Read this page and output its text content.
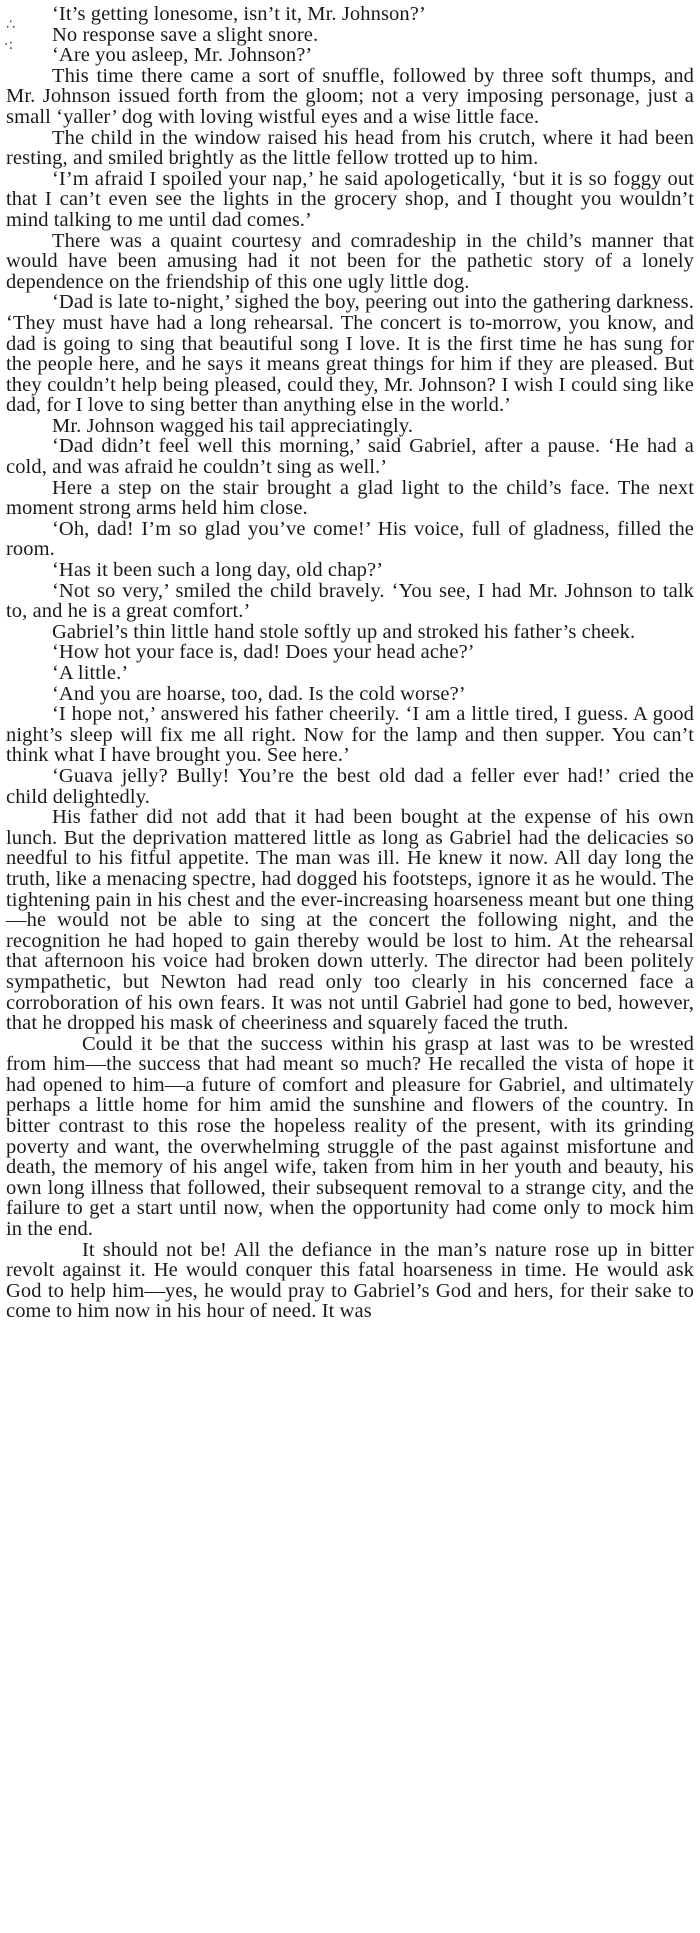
∴
·:

‘It’s getting lonesome, isn’t it, Mr. Johnson?’

No response save a slight snore.

‘Are you asleep, Mr. Johnson?’

This time there came a sort of snuffle, followed by three soft thumps, and Mr. Johnson issued forth from the gloom; not a very imposing personage, just a small ‘yaller’ dog with loving wistful eyes and a wise little face.

The child in the window raised his head from his crutch, where it had been resting, and smiled brightly as the little fellow trotted up to him.

‘I’m afraid I spoiled your nap,’ he said apologetically, ‘but it is so foggy out that I can’t even see the lights in the grocery shop, and I thought you wouldn’t mind talking to me until dad comes.’

There was a quaint courtesy and comradeship in the child’s manner that would have been amusing had it not been for the pathetic story of a lonely dependence on the friendship of this one ugly little dog.

‘Dad is late to-night,’ sighed the boy, peering out into the gathering darkness. ‘They must have had a long rehearsal. The concert is to-morrow, you know, and dad is going to sing that beautiful song I love. It is the first time he has sung for the people here, and he says it means great things for him if they are pleased. But they couldn’t help being pleased, could they, Mr. Johnson? I wish I could sing like dad, for I love to sing better than anything else in the world.’

Mr. Johnson wagged his tail appreciatingly.

‘Dad didn’t feel well this morning,’ said Gabriel, after a pause. ‘He had a cold, and was afraid he couldn’t sing as well.’

Here a step on the stair brought a glad light to the child’s face. The next moment strong arms held him close.

‘Oh, dad! I’m so glad you’ve come!’ His voice, full of gladness, filled the room.

‘Has it been such a long day, old chap?’

‘Not so very,’ smiled the child bravely. ‘You see, I had Mr. Johnson to talk to, and he is a great comfort.’

Gabriel’s thin little hand stole softly up and stroked his father’s cheek.

‘How hot your face is, dad! Does your head ache?’

‘A little.’

‘And you are hoarse, too, dad. Is the cold worse?’

‘I hope not,’ answered his father cheerily. ‘I am a little tired, I guess. A good night’s sleep will fix me all right. Now for the lamp and then supper. You can’t think what I have brought you. See here.’

‘Guava jelly? Bully! You’re the best old dad a feller ever had!’ cried the child delightedly.

His father did not add that it had been bought at the expense of his own lunch. But the deprivation mattered little as long as Gabriel had the delicacies so needful to his fitful appetite. The man was ill. He knew it now. All day long the truth, like a menacing spectre, had dogged his footsteps, ignore it as he would. The tightening pain in his chest and the ever-increasing hoarseness meant but one thing—he would not be able to sing at the concert the following night, and the recognition he had hoped to gain thereby would be lost to him. At the rehearsal that afternoon his voice had broken down utterly. The director had been politely sympathetic, but Newton had read only too clearly in his concerned face a corroboration of his own fears. It was not until Gabriel had gone to bed, however, that he dropped his mask of cheeriness and squarely faced the truth.

Could it be that the success within his grasp at last was to be wrested from him—the success that had meant so much? He recalled the vista of hope it had opened to him—a future of comfort and pleasure for Gabriel, and ultimately perhaps a little home for him amid the sunshine and flowers of the country. In bitter contrast to this rose the hopeless reality of the present, with its grinding poverty and want, the overwhelming struggle of the past against misfortune and death, the memory of his angel wife, taken from him in her youth and beauty, his own long illness that followed, their subsequent removal to a strange city, and the failure to get a start until now, when the opportunity had come only to mock him in the end.

It should not be! All the defiance in the man’s nature rose up in bitter revolt against it. He would conquer this fatal hoarseness in time. He would ask God to help him—yes, he would pray to Gabriel’s God and hers, for their sake to come to him now in his hour of need. It was
